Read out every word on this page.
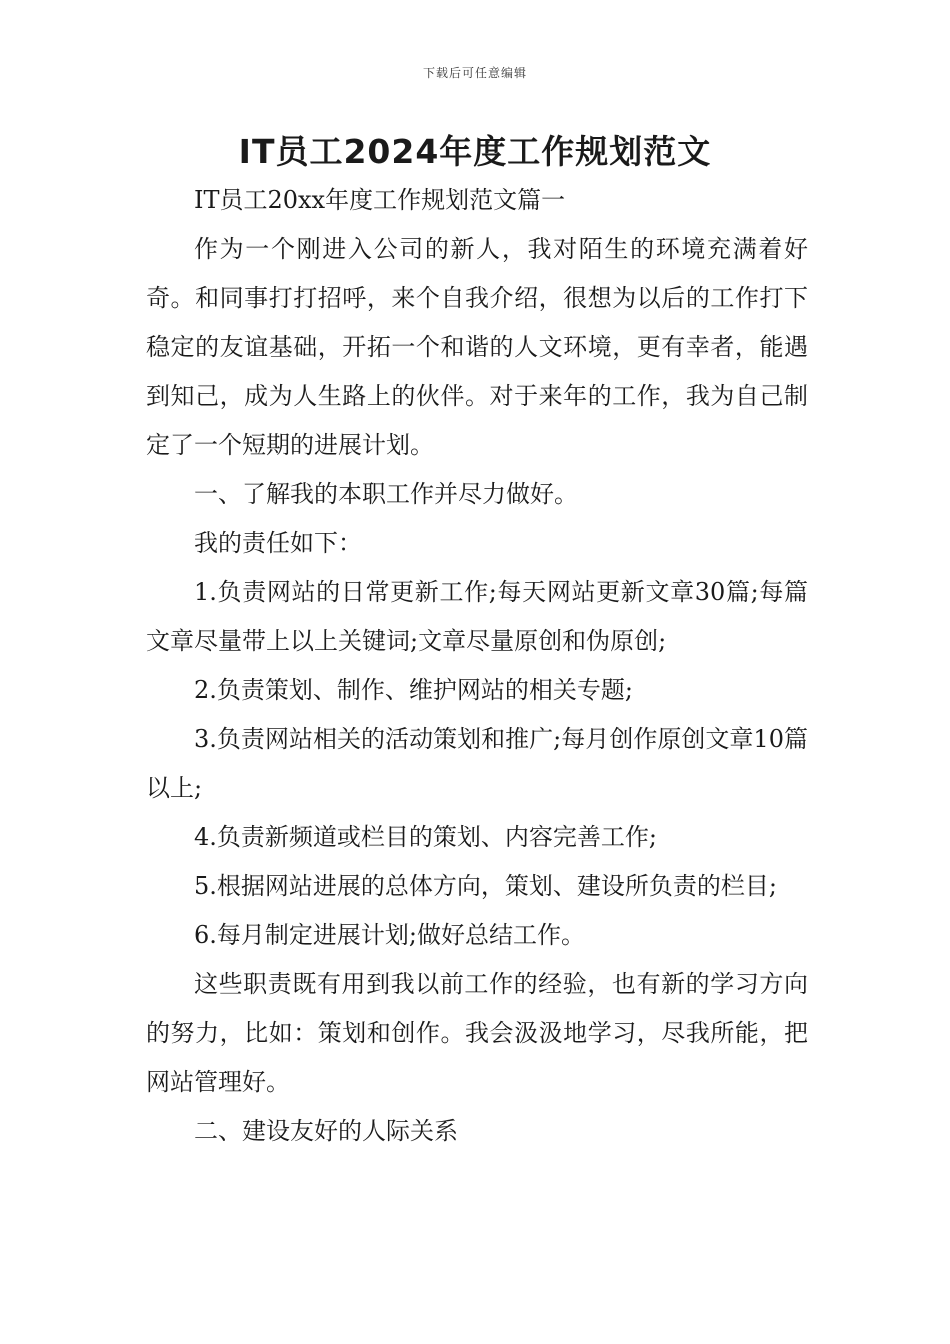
下载后可任意编辑
IT员工2024年度工作规划范文

IT员工20xx年度工作规划范文篇一

作为一个刚进入公司的新人，我对陌生的环境充满着好奇。和同事打打招呼，来个自我介绍，很想为以后的工作打下稳定的友谊基础，开拓一个和谐的人文环境，更有幸者，能遇到知己，成为人生路上的伙伴。对于来年的工作，我为自己制定了一个短期的进展计划。

一、了解我的本职工作并尽力做好。

我的责任如下：

1.负责网站的日常更新工作;每天网站更新文章30篇;每篇文章尽量带上以上关键词;文章尽量原创和伪原创;

2.负责策划、制作、维护网站的相关专题;

3.负责网站相关的活动策划和推广;每月创作原创文章10篇以上;

4.负责新频道或栏目的策划、内容完善工作;

5.根据网站进展的总体方向，策划、建设所负责的栏目;

6.每月制定进展计划;做好总结工作。

这些职责既有用到我以前工作的经验，也有新的学习方向的努力，比如：策划和创作。我会汲汲地学习，尽我所能，把网站管理好。

二、建设友好的人际关系
